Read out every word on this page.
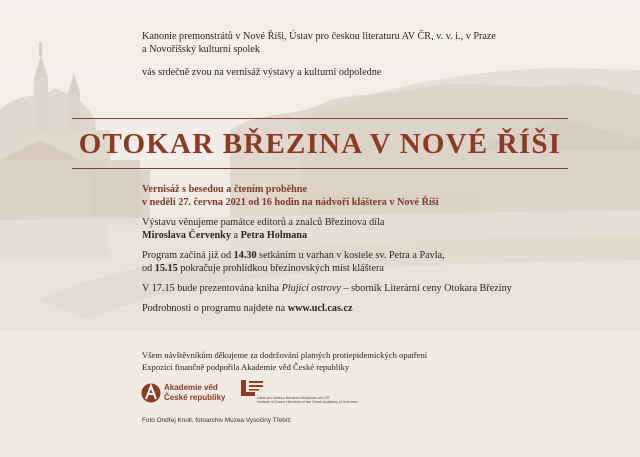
Kanonie premonstrátů v Nové Říši, Ústav pro českou literaturu AV ČR, v. v. i., v Praze
a Novoříšský kulturní spolek
vás srdečně zvou na vernisáž výstavy a kulturní odpoledne
OTOKAR BŘEZINA V NOVÉ ŘÍŠI
Vernisáž s besedou a čtením proběhne
v neděli 27. června 2021 od 16 hodin na nádvoří kláštera v Nové Říši
Výstavu věnujeme památce editorů a znalců Březinova díla
Miroslava Červenky a Petra Holmana
Program začíná již od 14.30 setkáním u varhan v kostele sv. Petra a Pavla,
od 15.15 pokračuje prohlídkou březinovských míst kláštera
V 17.15 bude prezentována kniha Plující ostrovy – sborník Literární ceny Otokara Březiny
Podrobnosti o programu najdete na www.ucl.cas.cz
Všem návštěvníkům děkujeme za dodržování platných protiepidemických opatření
Expozici finančně podpořila Akademie věd České republiky
Akademie věd
České republiky	Ústav pro českou literaturu Akademie věd ČR
Institute of Czech Literature of the Czech Academy of Sciences
Foto Ondřej Knoll, fotoarchiv Muzea Vysočiny Třebíč
